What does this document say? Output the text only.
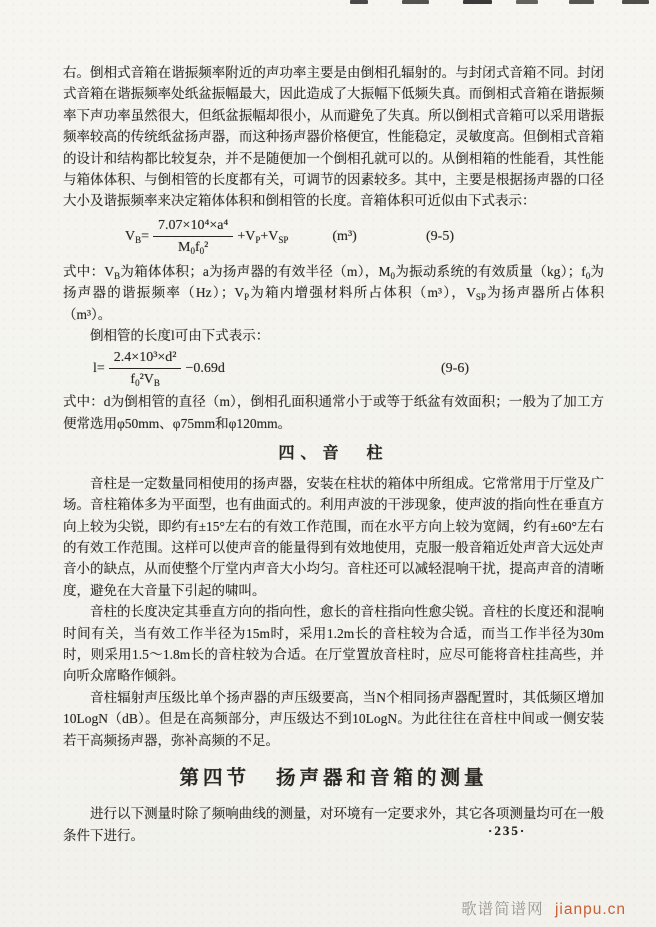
右。倒相式音箱在谐振频率附近的声功率主要是由倒相孔辐射的。与封闭式音箱不同。封闭式音箱在谐振频率处纸盆振幅最大，因此造成了大振幅下低频失真。而倒相式音箱在谐振频率下声功率虽然很大，但纸盆振幅却很小，从而避免了失真。所以倒相式音箱可以采用谐振频率较高的传统纸盆扬声器，而这种扬声器价格便宜，性能稳定，灵敏度高。但倒相式音箱的设计和结构都比较复杂，并不是随便加一个倒相孔就可以的。从倒相箱的性能看，其性能与箱体体积、与倒相管的长度都有关，可调节的因素较多。其中，主要是根据扬声器的口径大小及谐振频率来决定箱体体积和倒相管的长度。音箱体积可近似由下式表示：

$V_B= \frac{\text{7.07×10⁴×a⁴}}{M_0f_0^2} +V_P+V_{SP}$	(m³)	(9-5)

式中：$V_B$为箱体体积；a为扬声器的有效半径（m），$M_0$为振动系统的有效质量（kg）；$f_0$为扬声器的谐振频率（Hz）；$V_P$为箱内增强材料所占体积（m³），$V_{SP}$为扬声器所占体积（m³）。

倒相管的长度l可由下式表示：

$l= \frac{\text{2.4×10³×d²}}{f_0^2V_B} -0.69d$	(9-6)

式中：d为倒相管的直径（m），倒相孔面积通常小于或等于纸盆有效面积；一般为了加工方便常选用φ50mm、φ75mm和φ120mm。

四、音　柱

音柱是一定数量同相使用的扬声器，安装在柱状的箱体中所组成。它常常用于厅堂及广场。音柱箱体多为平面型，也有曲面式的。利用声波的干涉现象，使声波的指向性在垂直方向上较为尖锐，即约有±15°左右的有效工作范围，而在水平方向上较为宽阔，约有±60°左右的有效工作范围。这样可以使声音的能量得到有效地使用，克服一般音箱近处声音大远处声音小的缺点，从而使整个厅堂内声音大小均匀。音柱还可以减轻混响干扰，提高声音的清晰度，避免在大音量下引起的啸叫。

音柱的长度决定其垂直方向的指向性，愈长的音柱指向性愈尖锐。音柱的长度还和混响时间有关，当有效工作半径为15m时，采用1.2m长的音柱较为合适，而当工作半径为30m时，则采用1.5～1.8m长的音柱较为合适。在厅堂置放音柱时，应尽可能将音柱挂高些，并向听众席略作倾斜。

音柱辐射声压级比单个扬声器的声压级要高，当N个相同扬声器配置时，其低频区增加10LogN（dB）。但是在高频部分，声压级达不到10LogN。为此往往在音柱中间或一侧安装若干高频扬声器，弥补高频的不足。

第四节 扬声器和音箱的测量

进行以下测量时除了频响曲线的测量，对环境有一定要求外，其它各项测量均可在一般条件下进行。	·235·
歌谱简谱网 jianpu.cn
